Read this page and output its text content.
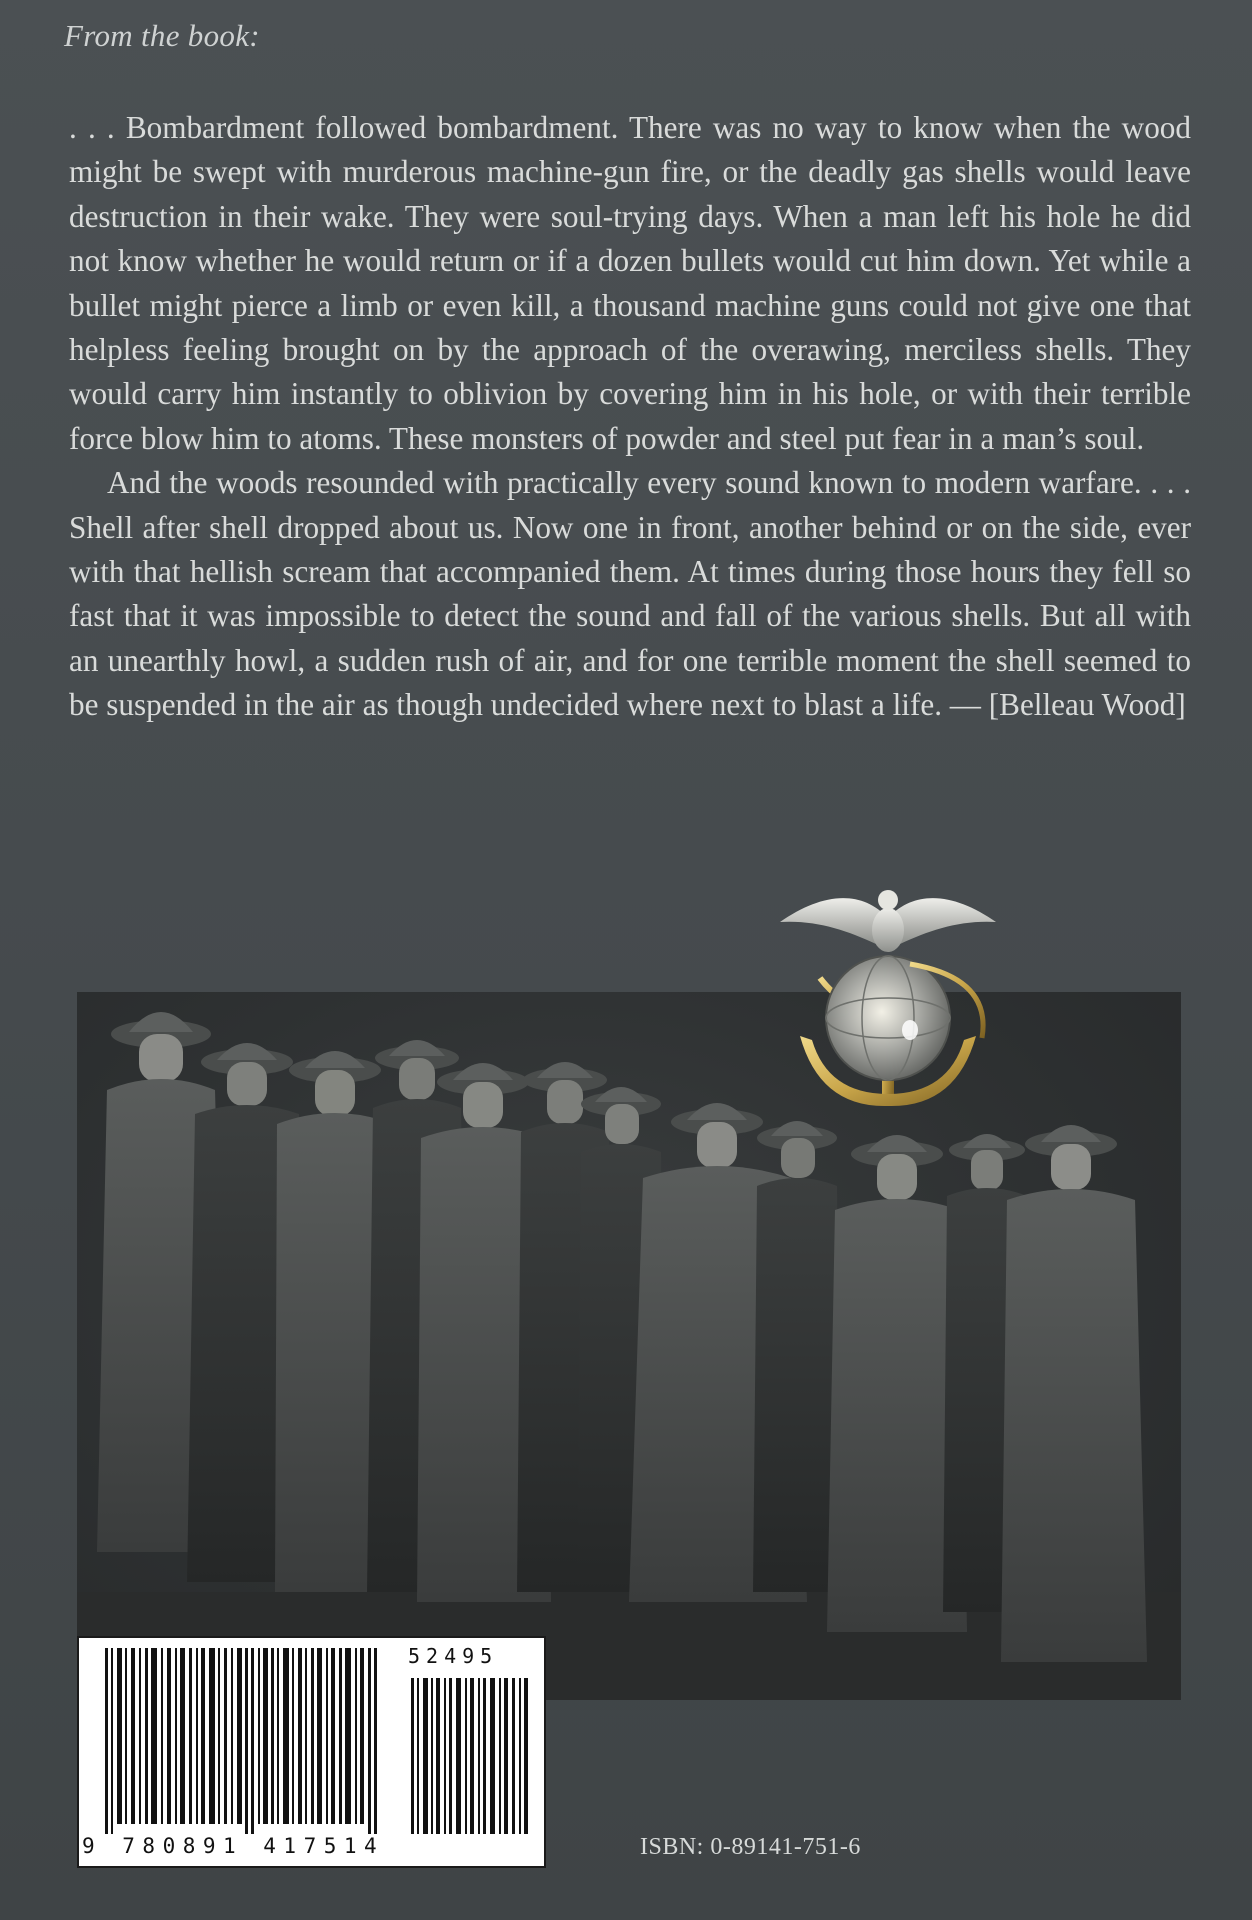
From the book:

. . . Bombardment followed bombardment. There was no way to know when the wood might be swept with murderous machine-gun fire, or the deadly gas shells would leave destruction in their wake. They were soul-trying days. When a man left his hole he did not know whether he would return or if a dozen bullets would cut him down. Yet while a bullet might pierce a limb or even kill, a thousand machine guns could not give one that helpless feeling brought on by the approach of the overawing, merciless shells. They would carry him instantly to oblivion by covering him in his hole, or with their terrible force blow him to atoms. These monsters of powder and steel put fear in a man’s soul.

And the woods resounded with practically every sound known to modern warfare. . . . Shell after shell dropped about us. Now one in front, another behind or on the side, ever with that hellish scream that accompanied them. At times during those hours they fell so fast that it was impossible to detect the sound and fall of the various shells. But all with an unearthly howl, a sudden rush of air, and for one terrible moment the shell seemed to be suspended in the air as though undecided where next to blast a life. — [Belleau Wood]

52495
9 780891 417514	ISBN: 0-89141-751-6
